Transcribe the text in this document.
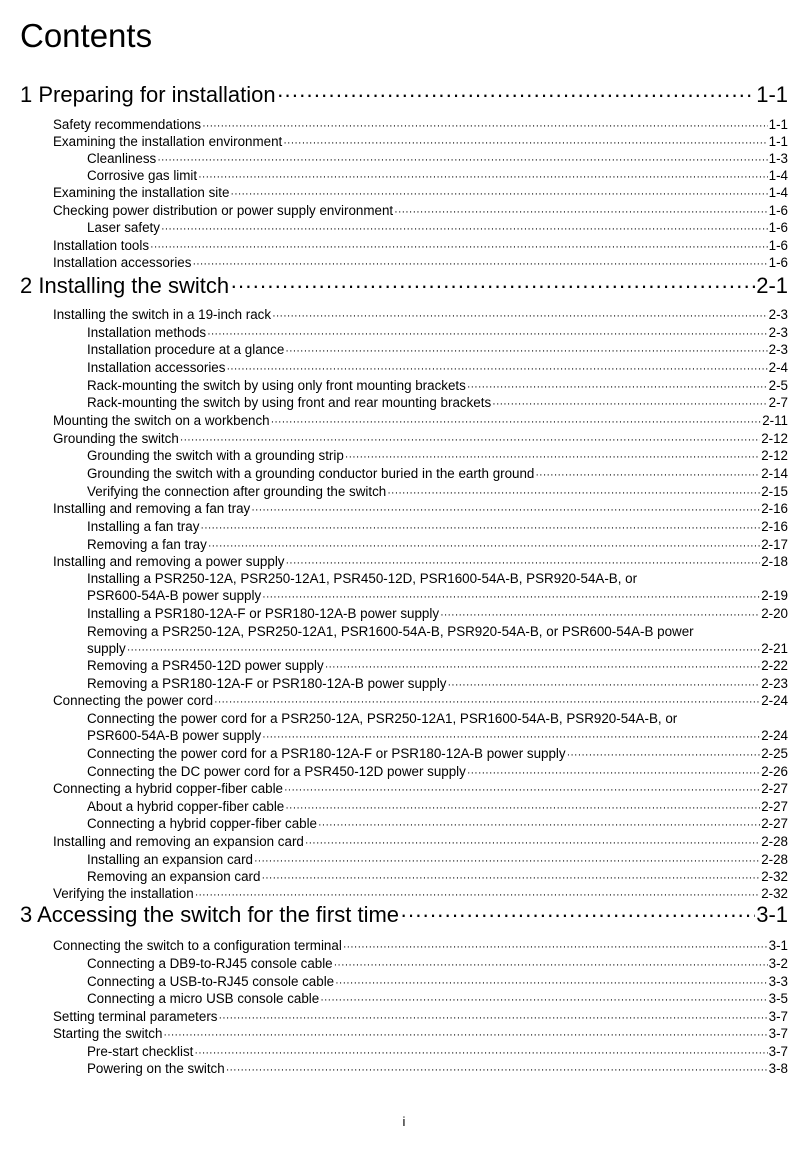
Contents
1 Preparing for installation ·····	1-1
Safety recommendations ·····	1-1
Examining the installation environment ·····	1-1
Cleanliness ·····	1-3
Corrosive gas limit ·····	1-4
Examining the installation site ·····	1-4
Checking power distribution or power supply environment ·····	1-6
Laser safety ·····	1-6
Installation tools ·····	1-6
Installation accessories ·····	1-6
2 Installing the switch ·····	2-1
Installing the switch in a 19-inch rack ·····	2-3
Installation methods ·····	2-3
Installation procedure at a glance ·····	2-3
Installation accessories ·····	2-4
Rack-mounting the switch by using only front mounting brackets ·····	2-5
Rack-mounting the switch by using front and rear mounting brackets ·····	2-7
Mounting the switch on a workbench ·····	2-11
Grounding the switch ·····	2-12
Grounding the switch with a grounding strip ·····	2-12
Grounding the switch with a grounding conductor buried in the earth ground ·····	2-14
Verifying the connection after grounding the switch ·····	2-15
Installing and removing a fan tray ·····	2-16
Installing a fan tray ·····	2-16
Removing a fan tray ·····	2-17
Installing and removing a power supply ·····	2-18
Installing a PSR250-12A, PSR250-12A1, PSR450-12D, PSR1600-54A-B, PSR920-54A-B, or
PSR600-54A-B power supply ·····	2-19
Installing a PSR180-12A-F or PSR180-12A-B power supply ·····	2-20
Removing a PSR250-12A, PSR250-12A1, PSR1600-54A-B, PSR920-54A-B, or PSR600-54A-B power
supply ·····	2-21
Removing a PSR450-12D power supply ·····	2-22
Removing a PSR180-12A-F or PSR180-12A-B power supply ·····	2-23
Connecting the power cord ·····	2-24
Connecting the power cord for a PSR250-12A, PSR250-12A1, PSR1600-54A-B, PSR920-54A-B, or
PSR600-54A-B power supply ·····	2-24
Connecting the power cord for a PSR180-12A-F or PSR180-12A-B power supply ·····	2-25
Connecting the DC power cord for a PSR450-12D power supply ·····	2-26
Connecting a hybrid copper-fiber cable ·····	2-27
About a hybrid copper-fiber cable ·····	2-27
Connecting a hybrid copper-fiber cable ·····	2-27
Installing and removing an expansion card ·····	2-28
Installing an expansion card ·····	2-28
Removing an expansion card ·····	2-32
Verifying the installation ·····	2-32
3 Accessing the switch for the first time ·····	3-1
Connecting the switch to a configuration terminal ·····	3-1
Connecting a DB9-to-RJ45 console cable ·····	3-2
Connecting a USB-to-RJ45 console cable ·····	3-3
Connecting a micro USB console cable ·····	3-5
Setting terminal parameters ·····	3-7
Starting the switch ·····	3-7
Pre-start checklist ·····	3-7
Powering on the switch ·····	3-8
i
